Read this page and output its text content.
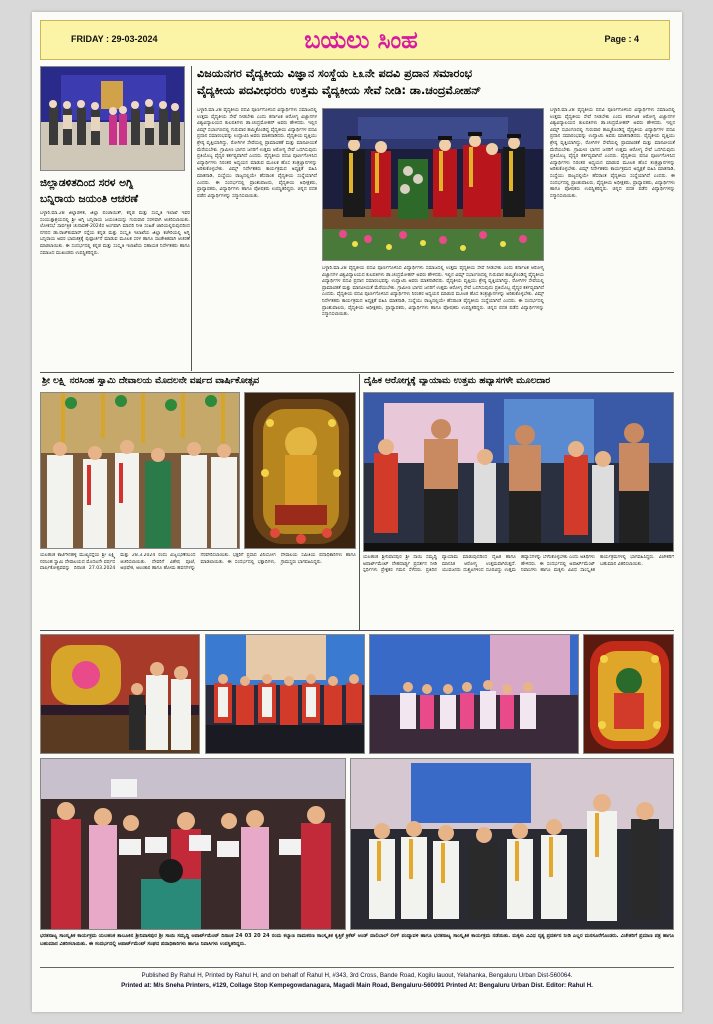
FRIDAY : 29-03-2024	ಬಯಲು ಸಿಂಹ	Page : 4
ಜಿಲ್ಲಾಡಳಿತದಿಂದ ಸರಳ ಅಗ್ನಿ
ಬನ್ನಿರಾಯ ಜಯಂತಿ ಆಚರಣೆ
ಬಳ್ಳಾರಿ.ಮಾ.28 ಜಿಲ್ಲಾಡಳಿತ, ಜಿಲ್ಲಾ ಪಂಚಾಯಿತ್, ಕನ್ನಡ ಮತ್ತು ಸಂಸ್ಕೃತಿ ಇಲಾಖೆ ಇವರ ಸಂಯುಕ್ತಾಶ್ರಯದಲ್ಲಿ ಶ್ರೀ ಅಗ್ನಿ ಬನ್ನಿರಾಯ ಜಯಂತಿಯನ್ನು ಗುರುವಾರ ಸರಳವಾಗಿ ಆಚರಿಸಲಾಯಿತು. ಲೋಕಸಭೆ ಸಾರ್ವತ್ರಿಕ ಚುನಾವಣೆ-2024ರ ಅಂಗವಾಗಿ ಮಾದರಿ ನೀತಿ ಸಂಹಿತೆ ಜಾರಿಯಲ್ಲಿರುವುದರಿಂದ ನಗರದ ಡಾ.ರಾಜ್‌ಕುಮಾರ್ ರಸ್ತೆಯ ಕನ್ನಡ ಮತ್ತು ಸಂಸ್ಕೃತಿ ಇಲಾಖೆಯ ಜಿಲ್ಲಾ ಕಚೇರಿಯಲ್ಲಿ ಅಗ್ನಿ ಬನ್ನಿರಾಯ ಅವರ ಭಾವಚಿತ್ರಕ್ಕೆ ಪುಷ್ಪಾರ್ಚನೆ ಮಾಡುವ ಮೂಲಕ ಸರಳ ಹಾಗೂ ಸಾಂಕೇತಿಕವಾಗಿ ಆಚರಣೆ ಮಾಡಲಾಯಿತು. ಈ ಸಂದರ್ಭದಲ್ಲಿ ಕನ್ನಡ ಮತ್ತು ಸಂಸ್ಕೃತಿ ಇಲಾಖೆಯ ಸಹಾಯಕ ನಿರ್ದೇಶಕರು ಹಾಗೂ ಸಮಾಜದ ಮುಖಂಡರು ಉಪಸ್ಥಿತರಿದ್ದರು.
ವಿಜಯನಗರ ವೈದ್ಯಕೀಯ ವಿಜ್ಞಾನ ಸಂಸ್ಥೆಯ ೬೩ನೇ ಪದವಿ ಪ್ರದಾನ ಸಮಾರಂಭ
ವೈದ್ಯಕೀಯ ಪದವೀಧರರು ಉತ್ತಮ ವೈದ್ಯಕೀಯ ಸೇವೆ ನೀಡಿ: ಡಾ.ಚಂದ್ರಮೋಹನ್
ಬಳ್ಳಾರಿ.ಮಾ.28 ವೈದ್ಯಕೀಯ ಪದವಿ ಪೂರ್ಣಗೊಳಿಸಿದ ವಿದ್ಯಾರ್ಥಿಗಳು ಸಮಾಜದಲ್ಲಿ ಉತ್ತಮ ವೈದ್ಯಕೀಯ ಸೇವೆ ನೀಡಬೇಕು ಎಂದು ಕರ್ನಾಟಕ ಆರೋಗ್ಯ ವಿಜ್ಞಾನಗಳ ವಿಶ್ವವಿದ್ಯಾಲಯದ ಕುಲಪತಿಗಳು ಡಾ.ಚಂದ್ರಮೋಹನ್ ಅವರು ಹೇಳಿದರು. ಇಲ್ಲಿನ ವಿಮ್ಸ್ ಸಭಾಂಗಣದಲ್ಲಿ ಗುರುವಾರ ಹಮ್ಮಿಕೊಂಡಿದ್ದ ವೈದ್ಯಕೀಯ ವಿದ್ಯಾರ್ಥಿಗಳ ಪದವಿ ಪ್ರದಾನ ಸಮಾರಂಭವನ್ನು ಉದ್ಘಾಟಿಸಿ ಅವರು ಮಾತನಾಡಿದರು. ವೈದ್ಯಕೀಯ ವೃತ್ತಿಯು ಶ್ರೇಷ್ಠ ವೃತ್ತಿಯಾಗಿದ್ದು, ರೋಗಿಗಳ ಸೇವೆಯಲ್ಲಿ ಪ್ರಾಮಾಣಿಕತೆ ಮತ್ತು ಮಾನವೀಯತೆ ಮೆರೆಯಬೇಕು. ಗ್ರಾಮೀಣ ಭಾಗದ ಜನರಿಗೆ ಉತ್ತಮ ಆರೋಗ್ಯ ಸೇವೆ ಒದಗಿಸುವುದು ಪ್ರತಿಯೊಬ್ಬ ವೈದ್ಯರ ಕರ್ತವ್ಯವಾಗಿದೆ ಎಂದರು. ವೈದ್ಯಕೀಯ ಪದವಿ ಪೂರ್ಣಗೊಳಿಸಿದ ವಿದ್ಯಾರ್ಥಿಗಳು ನಿರಂತರ ಅಧ್ಯಯನ ಮಾಡುವ ಮೂಲಕ ಹೊಸ ತಂತ್ರಜ್ಞಾನಗಳನ್ನು ಅರಿತುಕೊಳ್ಳಬೇಕು. ವಿಮ್ಸ್ ನಿರ್ದೇಶಕರು ಕಾರ್ಯಕ್ರಮದ ಅಧ್ಯಕ್ಷತೆ ವಹಿಸಿ ಮಾತನಾಡಿ, ಸಂಸ್ಥೆಯು ರಾಜ್ಯದಲ್ಲಿಯೇ ಹೆಸರಾಂತ ವೈದ್ಯಕೀಯ ಸಂಸ್ಥೆಯಾಗಿದೆ ಎಂದರು. ಈ ಸಂದರ್ಭದಲ್ಲಿ ಪ್ರಾಂಶುಪಾಲರು, ವೈದ್ಯಕೀಯ ಅಧೀಕ್ಷಕರು, ಪ್ರಾಧ್ಯಾಪಕರು, ವಿದ್ಯಾರ್ಥಿಗಳು ಹಾಗೂ ಪೋಷಕರು ಉಪಸ್ಥಿತರಿದ್ದರು. ಚಿನ್ನದ ಪದಕ ಪಡೆದ ವಿದ್ಯಾರ್ಥಿಗಳನ್ನು ಸನ್ಮಾನಿಸಲಾಯಿತು.
ಬಳ್ಳಾರಿ.ಮಾ.28 ವೈದ್ಯಕೀಯ ಪದವಿ ಪೂರ್ಣಗೊಳಿಸಿದ ವಿದ್ಯಾರ್ಥಿಗಳು ಸಮಾಜದಲ್ಲಿ ಉತ್ತಮ ವೈದ್ಯಕೀಯ ಸೇವೆ ನೀಡಬೇಕು ಎಂದು ಕರ್ನಾಟಕ ಆರೋಗ್ಯ ವಿಜ್ಞಾನಗಳ ವಿಶ್ವವಿದ್ಯಾಲಯದ ಕುಲಪತಿಗಳು ಡಾ.ಚಂದ್ರಮೋಹನ್ ಅವರು ಹೇಳಿದರು. ಇಲ್ಲಿನ ವಿಮ್ಸ್ ಸಭಾಂಗಣದಲ್ಲಿ ಗುರುವಾರ ಹಮ್ಮಿಕೊಂಡಿದ್ದ ವೈದ್ಯಕೀಯ ವಿದ್ಯಾರ್ಥಿಗಳ ಪದವಿ ಪ್ರದಾನ ಸಮಾರಂಭವನ್ನು ಉದ್ಘಾಟಿಸಿ ಅವರು ಮಾತನಾಡಿದರು. ವೈದ್ಯಕೀಯ ವೃತ್ತಿಯು ಶ್ರೇಷ್ಠ ವೃತ್ತಿಯಾಗಿದ್ದು, ರೋಗಿಗಳ ಸೇವೆಯಲ್ಲಿ ಪ್ರಾಮಾಣಿಕತೆ ಮತ್ತು ಮಾನವೀಯತೆ ಮೆರೆಯಬೇಕು. ಗ್ರಾಮೀಣ ಭಾಗದ ಜನರಿಗೆ ಉತ್ತಮ ಆರೋಗ್ಯ ಸೇವೆ ಒದಗಿಸುವುದು ಪ್ರತಿಯೊಬ್ಬ ವೈದ್ಯರ ಕರ್ತವ್ಯವಾಗಿದೆ ಎಂದರು. ವೈದ್ಯಕೀಯ ಪದವಿ ಪೂರ್ಣಗೊಳಿಸಿದ ವಿದ್ಯಾರ್ಥಿಗಳು ನಿರಂತರ ಅಧ್ಯಯನ ಮಾಡುವ ಮೂಲಕ ಹೊಸ ತಂತ್ರಜ್ಞಾನಗಳನ್ನು ಅರಿತುಕೊಳ್ಳಬೇಕು. ವಿಮ್ಸ್ ನಿರ್ದೇಶಕರು ಕಾರ್ಯಕ್ರಮದ ಅಧ್ಯಕ್ಷತೆ ವಹಿಸಿ ಮಾತನಾಡಿ, ಸಂಸ್ಥೆಯು ರಾಜ್ಯದಲ್ಲಿಯೇ ಹೆಸರಾಂತ ವೈದ್ಯಕೀಯ ಸಂಸ್ಥೆಯಾಗಿದೆ ಎಂದರು. ಈ ಸಂದರ್ಭದಲ್ಲಿ ಪ್ರಾಂಶುಪಾಲರು, ವೈದ್ಯಕೀಯ ಅಧೀಕ್ಷಕರು, ಪ್ರಾಧ್ಯಾಪಕರು, ವಿದ್ಯಾರ್ಥಿಗಳು ಹಾಗೂ ಪೋಷಕರು ಉಪಸ್ಥಿತರಿದ್ದರು. ಚಿನ್ನದ ಪದಕ ಪಡೆದ ವಿದ್ಯಾರ್ಥಿಗಳನ್ನು ಸನ್ಮಾನಿಸಲಾಯಿತು.
ಬಳ್ಳಾರಿ.ಮಾ.28 ವೈದ್ಯಕೀಯ ಪದವಿ ಪೂರ್ಣಗೊಳಿಸಿದ ವಿದ್ಯಾರ್ಥಿಗಳು ಸಮಾಜದಲ್ಲಿ ಉತ್ತಮ ವೈದ್ಯಕೀಯ ಸೇವೆ ನೀಡಬೇಕು ಎಂದು ಕರ್ನಾಟಕ ಆರೋಗ್ಯ ವಿಜ್ಞಾನಗಳ ವಿಶ್ವವಿದ್ಯಾಲಯದ ಕುಲಪತಿಗಳು ಡಾ.ಚಂದ್ರಮೋಹನ್ ಅವರು ಹೇಳಿದರು. ಇಲ್ಲಿನ ವಿಮ್ಸ್ ಸಭಾಂಗಣದಲ್ಲಿ ಗುರುವಾರ ಹಮ್ಮಿಕೊಂಡಿದ್ದ ವೈದ್ಯಕೀಯ ವಿದ್ಯಾರ್ಥಿಗಳ ಪದವಿ ಪ್ರದಾನ ಸಮಾರಂಭವನ್ನು ಉದ್ಘಾಟಿಸಿ ಅವರು ಮಾತನಾಡಿದರು. ವೈದ್ಯಕೀಯ ವೃತ್ತಿಯು ಶ್ರೇಷ್ಠ ವೃತ್ತಿಯಾಗಿದ್ದು, ರೋಗಿಗಳ ಸೇವೆಯಲ್ಲಿ ಪ್ರಾಮಾಣಿಕತೆ ಮತ್ತು ಮಾನವೀಯತೆ ಮೆರೆಯಬೇಕು. ಗ್ರಾಮೀಣ ಭಾಗದ ಜನರಿಗೆ ಉತ್ತಮ ಆರೋಗ್ಯ ಸೇವೆ ಒದಗಿಸುವುದು ಪ್ರತಿಯೊಬ್ಬ ವೈದ್ಯರ ಕರ್ತವ್ಯವಾಗಿದೆ ಎಂದರು. ವೈದ್ಯಕೀಯ ಪದವಿ ಪೂರ್ಣಗೊಳಿಸಿದ ವಿದ್ಯಾರ್ಥಿಗಳು ನಿರಂತರ ಅಧ್ಯಯನ ಮಾಡುವ ಮೂಲಕ ಹೊಸ ತಂತ್ರಜ್ಞಾನಗಳನ್ನು ಅರಿತುಕೊಳ್ಳಬೇಕು. ವಿಮ್ಸ್ ನಿರ್ದೇಶಕರು ಕಾರ್ಯಕ್ರಮದ ಅಧ್ಯಕ್ಷತೆ ವಹಿಸಿ ಮಾತನಾಡಿ, ಸಂಸ್ಥೆಯು ರಾಜ್ಯದಲ್ಲಿಯೇ ಹೆಸರಾಂತ ವೈದ್ಯಕೀಯ ಸಂಸ್ಥೆಯಾಗಿದೆ ಎಂದರು. ಈ ಸಂದರ್ಭದಲ್ಲಿ ಪ್ರಾಂಶುಪಾಲರು, ವೈದ್ಯಕೀಯ ಅಧೀಕ್ಷಕರು, ಪ್ರಾಧ್ಯಾಪಕರು, ವಿದ್ಯಾರ್ಥಿಗಳು ಹಾಗೂ ಪೋಷಕರು ಉಪಸ್ಥಿತರಿದ್ದರು. ಚಿನ್ನದ ಪದಕ ಪಡೆದ ವಿದ್ಯಾರ್ಥಿಗಳನ್ನು ಸನ್ಮಾನಿಸಲಾಯಿತು.
ಶ್ರೀ ಲಕ್ಷ್ಮಿ ನರಸಿಂಹ ಸ್ವಾಮಿ ದೇವಾಲಯ ಮೊದಲನೇ ವರ್ಷದ ವಾರ್ಷಿಕೋತ್ಸವ
ಯಲಹಂಕ ಕಾಟಿಗೇನಹಳ್ಳಿ ಮುಖ್ಯರಸ್ತೆಯ ಶ್ರೀ ಲಕ್ಷ್ಮಿ ನರಸಿಂಹ ಸ್ವಾಮಿ ದೇವಾಲಯದ ಮೊದಲನೇ ವರ್ಷದ ವಾರ್ಷಿಕೋತ್ಸವವನ್ನು ದಿನಾಂಕ 27.03.2024 ಮತ್ತು 28.3.2024 ರಂದು ವಿಜೃಂಭಣೆಯಿಂದ ಆಚರಿಸಲಾಯಿತು. ದೇವರಿಗೆ ವಿಶೇಷ ಪೂಜೆ, ಅಭಿಷೇಕ, ಅಲಂಕಾರ ಹಾಗೂ ಹೋಮ ಹವನಗಳನ್ನು ನೆರವೇರಿಸಲಾಯಿತು. ಭಕ್ತರಿಗೆ ಪ್ರಸಾದ ವಿನಿಯೋಗ ಮಾಡಲಾಯಿತು. ಈ ಸಂದರ್ಭದಲ್ಲಿ ಭಕ್ತಾದಿಗಳು, ದೇವಾಲಯ ಸಮಿತಿಯ ಪದಾಧಿಕಾರಿಗಳು ಹಾಗೂ ಗ್ರಾಮಸ್ಥರು ಭಾಗವಹಿಸಿದ್ದರು.
ದೈಹಿಕ ಆರೋಗ್ಯಕ್ಕೆ ವ್ಯಾಯಾಮ ಉತ್ತಮ ಹವ್ಯಾಸಗಳೇ ಮೂಲದಾರ
ಯಲಹಂಕ ಶ್ರೀನಿವಾಸಪುರ ಶ್ರೀ ಸಾಯಿ ಸಮೃದ್ಧಿ ಅಪಾರ್ಟ್‌ಮೆಂಟ್ ದೇಹದಾರ್ಢ್ಯ ಪ್ರದರ್ಶನ ನೀಡಿ ಸ್ಪರ್ಧಿಗಳು ಪ್ರೇಕ್ಷಕರ ಗಮನ ಸೆಳೆದರು. ಪ್ರತಿದಿನ ವ್ಯಾಯಾಮ ಮಾಡುವುದರಿಂದ ದೈಹಿಕ ಹಾಗೂ ಮಾನಸಿಕ ಆರೋಗ್ಯ ಉತ್ತಮವಾಗಿರುತ್ತದೆ. ಯುವಜನರು ದುಶ್ಚಟಗಳಿಂದ ದೂರವಿದ್ದು ಉತ್ತಮ ಹವ್ಯಾಸಗಳನ್ನು ಬೆಳೆಸಿಕೊಳ್ಳಬೇಕು ಎಂದು ಅತಿಥಿಗಳು ಹೇಳಿದರು. ಈ ಸಂದರ್ಭದಲ್ಲಿ ಅಪಾರ್ಟ್‌ಮೆಂಟ್ ನಿವಾಸಿಗಳು ಹಾಗೂ ಮಕ್ಕಳು ವಿವಿಧ ಸಾಂಸ್ಕೃತಿಕ ಕಾರ್ಯಕ್ರಮಗಳಲ್ಲಿ ಭಾಗವಹಿಸಿದ್ದರು. ವಿಜೇತರಿಗೆ ಬಹುಮಾನ ವಿತರಿಸಲಾಯಿತು.
ಭರತನಾಟ್ಯ ಸಾಂಸ್ಕೃತಿಕ ಕಾರ್ಯಕ್ರಮ ಯಲಹಂಕ ತಾಲೂಕಿನ ಶ್ರೀನಿವಾಸಪುರ ಶ್ರೀ ಸಾಯಿ ಸಮೃದ್ಧಿ ಅಪಾರ್ಟ್‌ಮೆಂಟ್ ದಿನಾಂಕ 24 03 20 24 ರಂದು ಕಲ್ಯಾಣ ನಾಮಕರಣ ಸಾಂಸ್ಕೃತಿಕ ಕೃತ್ತಿಕೆ ಕ್ರಿಕೆಟ್ ಅಂಡ್ ವಾಲಿಬಾಲ್ ಲೀಗ್ ಪಂದ್ಯಾವಳಿ ಹಾಗೂ ಭರತನಾಟ್ಯ ಸಾಂಸ್ಕೃತಿಕ ಕಾರ್ಯಕ್ರಮ ನಡೆಯಿತು. ಮಕ್ಕಳು ವಿವಿಧ ನೃತ್ಯ ಪ್ರದರ್ಶನ ನೀಡಿ ಎಲ್ಲರ ಮನಸೂರೆಗೊಂಡರು. ವಿಜೇತರಿಗೆ ಪ್ರಮಾಣ ಪತ್ರ ಹಾಗೂ ಬಹುಮಾನ ವಿತರಿಸಲಾಯಿತು. ಈ ಸಂದರ್ಭದಲ್ಲಿ ಅಪಾರ್ಟ್‌ಮೆಂಟ್ ಸಂಘದ ಪದಾಧಿಕಾರಿಗಳು ಹಾಗೂ ನಿವಾಸಿಗಳು ಉಪಸ್ಥಿತರಿದ್ದರು.
Published By Rahul H, Printed by Rahul H, and on behalf of Rahul H, #343, 3rd Cross, Bande Road, Kogilu lauout, Yelahanka, Bengaluru Urban Dist-560064.
Printed at: M/s Sneha Printers, #129, Collage Stop Kempegowdanagara, Magadi Main Road, Bengaluru-560091 Printed At: Bengaluru Urban Dist. Editor: Rahul H.
